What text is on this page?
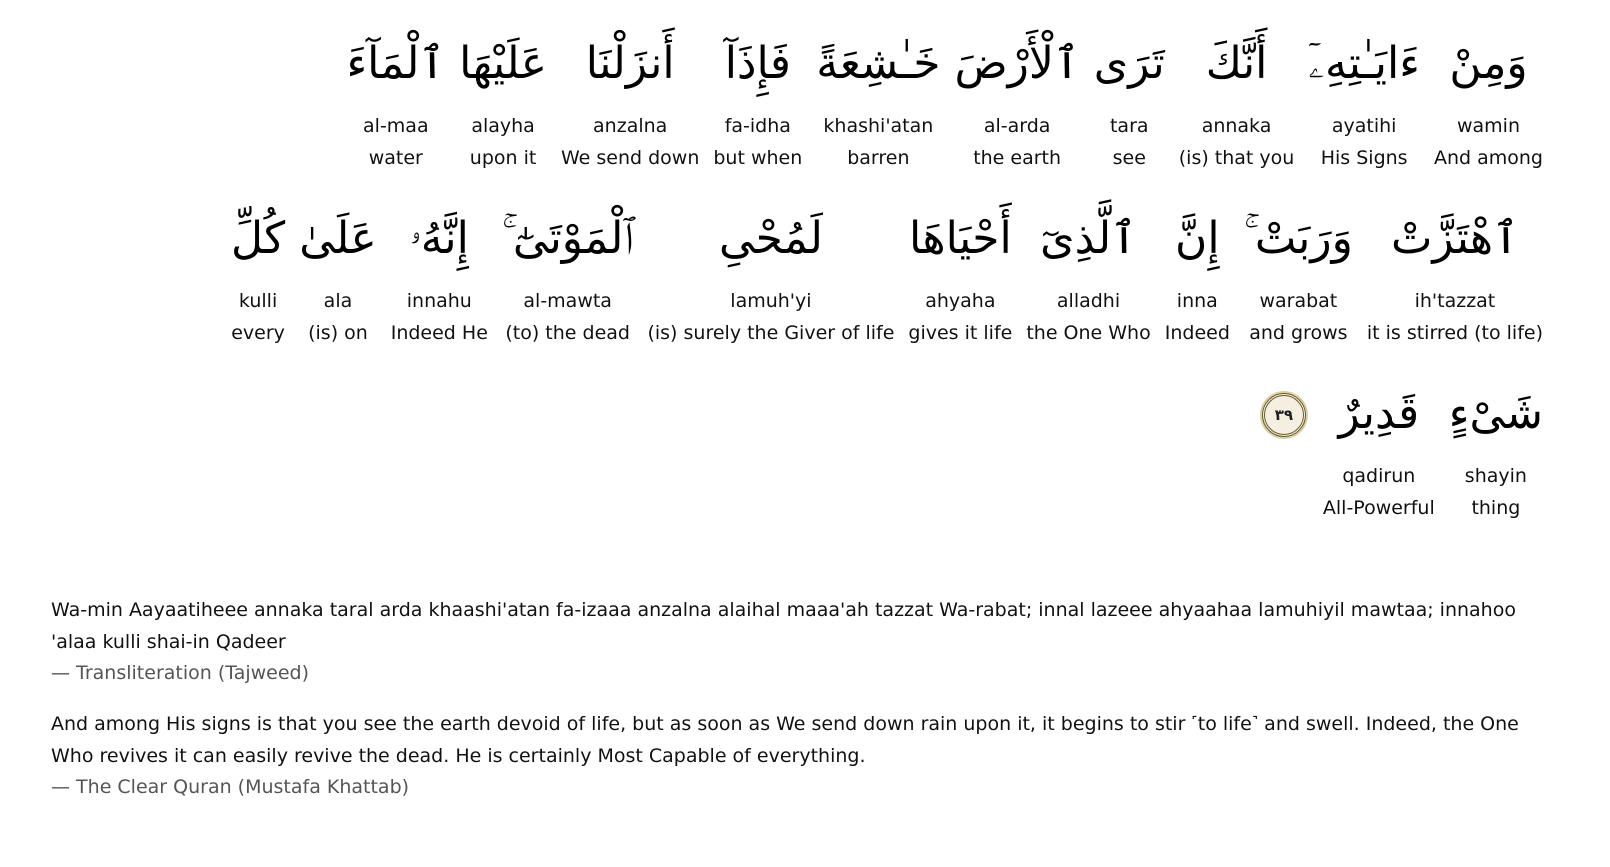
وَمِنْ
wamin
And among
ءَايَـٰتِهِۦٓ
ayatihi
His Signs
أَنَّكَ
annaka
(is) that you
تَرَى
tara
see
ٱلْأَرْضَ
al-arda
the earth
خَـٰشِعَةً
khashi'atan
barren
فَإِذَآ
fa-idha
but when
أَنزَلْنَا
anzalna
We send down
عَلَيْهَا
alayha
upon it
ٱلْمَآءَ
al-maa
water
ٱهْتَزَّتْ
ih'tazzat
it is stirred (to life)
وَرَبَتْ ۚ
warabat
and grows
إِنَّ
inna
Indeed
ٱلَّذِىٓ
alladhi
the One Who
أَحْيَاهَا
ahyaha
gives it life
لَمُحْىِ
lamuh'yi
(is) surely the Giver of life
ٱلْمَوْتَىٰٓ ۚ
al-mawta
(to) the dead
إِنَّهُۥ
innahu
Indeed He
عَلَىٰ
ala
(is) on
كُلِّ
kulli
every
شَىْءٍ
shayin
thing
قَدِيرٌ
qadirun
All-Powerful
٣٩

Wa-min Aayaatiheee annaka taral arda khaashi'atan fa-izaaa anzalna alaihal maaa'ah tazzat Wa-rabat; innal lazeee ahyaahaa lamuhiyil mawtaa; innahoo 'alaa kulli shai-in Qadeer

— Transliteration (Tajweed)

And among His signs is that you see the earth devoid of life, but as soon as We send down rain upon it, it begins to stir ˹to life˺ and swell. Indeed, the One Who revives it can easily revive the dead. He is certainly Most Capable of everything.

— The Clear Quran (Mustafa Khattab)
